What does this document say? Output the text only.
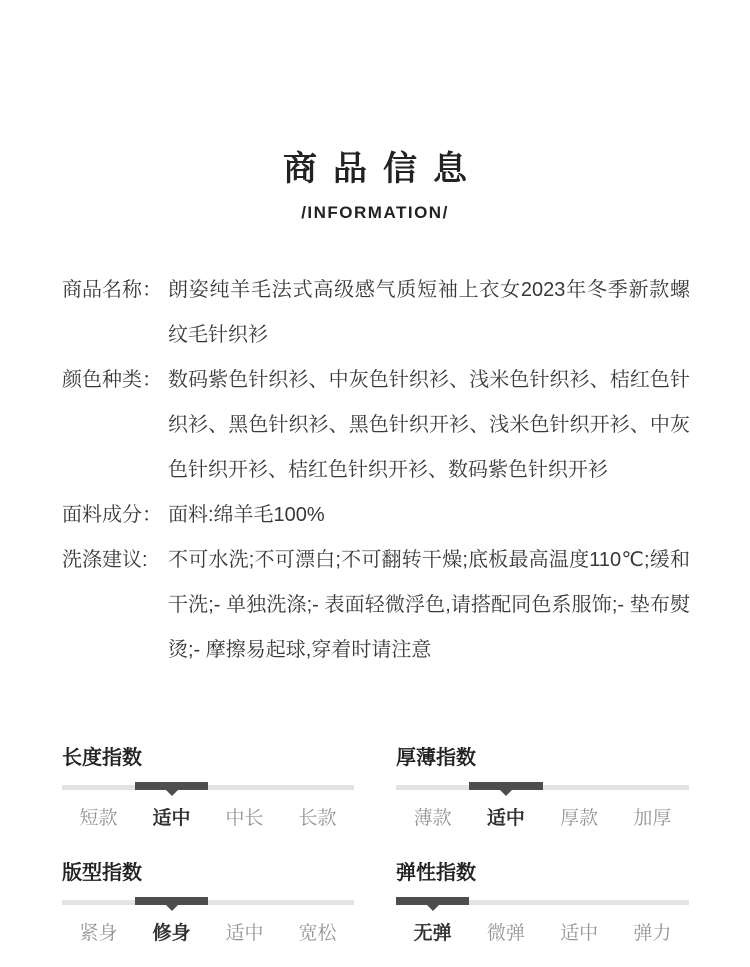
商品信息
/INFORMATION/
商品名称： 朗姿纯羊毛法式高级感气质短袖上衣女2023年冬季新款螺纹毛针织衫
颜色种类： 数码紫色针织衫、中灰色针织衫、浅米色针织衫、桔红色针织衫、黑色针织衫、黑色针织开衫、浅米色针织开衫、中灰色针织开衫、桔红色针织开衫、数码紫色针织开衫
面料成分： 面料:绵羊毛100%
洗涤建议:	不可水洗;不可漂白;不可翻转干燥;底板最高温度110℃;缓和干洗;- 单独洗涤;- 表面轻微浮色,请搭配同色系服饰;- 垫布熨烫;- 摩擦易起球,穿着时请注意
长度指数
短款	适中	中长	长款
厚薄指数
薄款	适中	厚款	加厚
版型指数
紧身	修身	适中	宽松
弹性指数
无弹	微弹	适中	弹力
